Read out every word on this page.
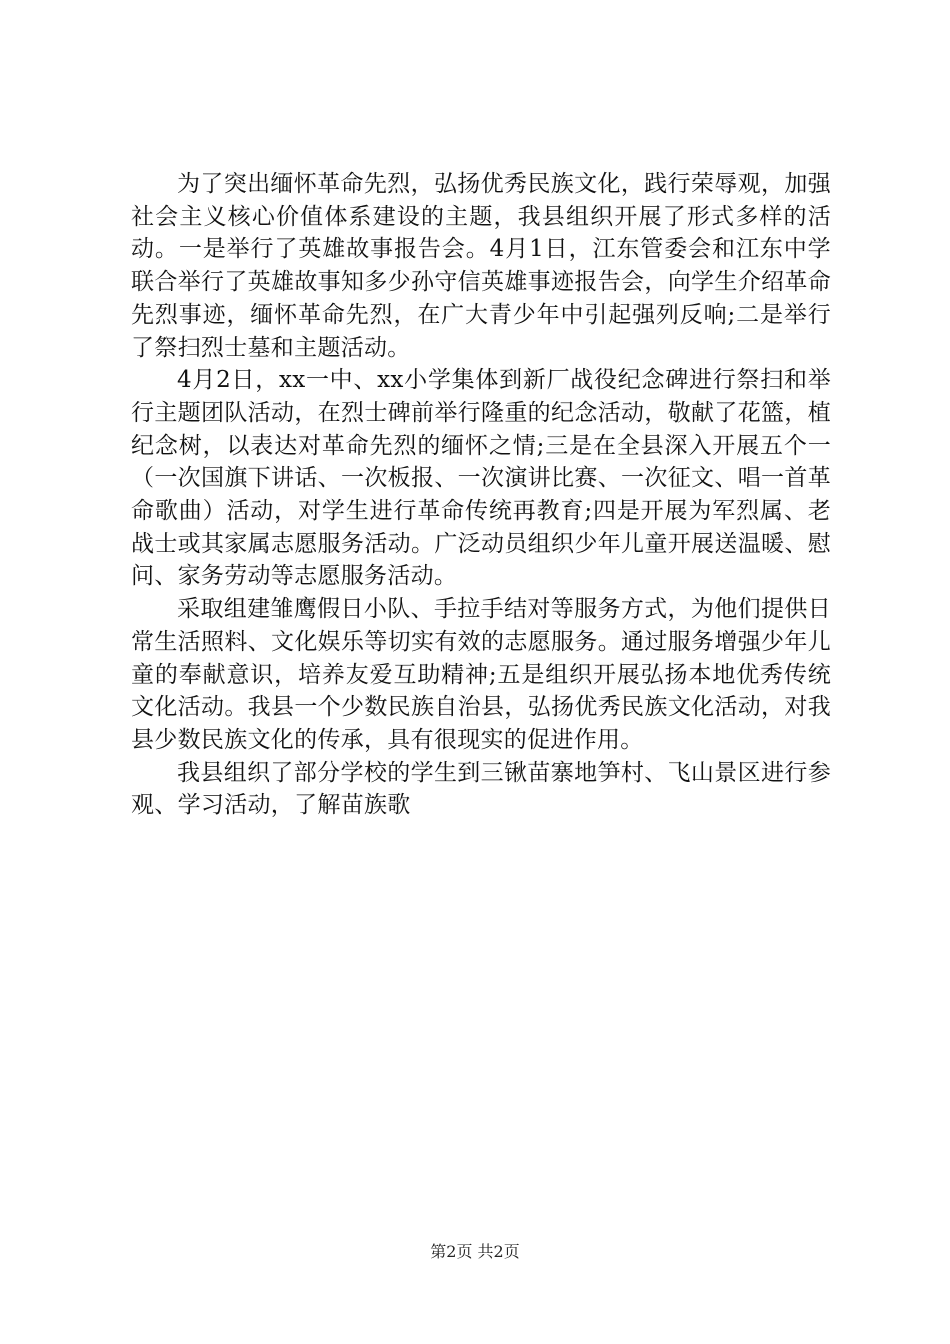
为了突出缅怀革命先烈，弘扬优秀民族文化，践行荣辱观，加强社会主义核心价值体系建设的主题，我县组织开展了形式多样的活动。一是举行了英雄故事报告会。4月1日，江东管委会和江东中学联合举行了英雄故事知多少孙守信英雄事迹报告会，向学生介绍革命先烈事迹，缅怀革命先烈，在广大青少年中引起强列反响;二是举行了祭扫烈士墓和主题活动。

4月2日，xx一中、xx小学集体到新厂战役纪念碑进行祭扫和举行主题团队活动，在烈士碑前举行隆重的纪念活动，敬献了花篮，植纪念树，以表达对革命先烈的缅怀之情;三是在全县深入开展五个一（一次国旗下讲话、一次板报、一次演讲比赛、一次征文、唱一首革命歌曲）活动，对学生进行革命传统再教育;四是开展为军烈属、老战士或其家属志愿服务活动。广泛动员组织少年儿童开展送温暖、慰问、家务劳动等志愿服务活动。

采取组建雏鹰假日小队、手拉手结对等服务方式，为他们提供日常生活照料、文化娱乐等切实有效的志愿服务。通过服务增强少年儿童的奉献意识，培养友爱互助精神;五是组织开展弘扬本地优秀传统文化活动。我县一个少数民族自治县，弘扬优秀民族文化活动，对我县少数民族文化的传承，具有很现实的促进作用。

我县组织了部分学校的学生到三锹苗寨地笋村、飞山景区进行参观、学习活动，了解苗族歌

第2页 共2页
